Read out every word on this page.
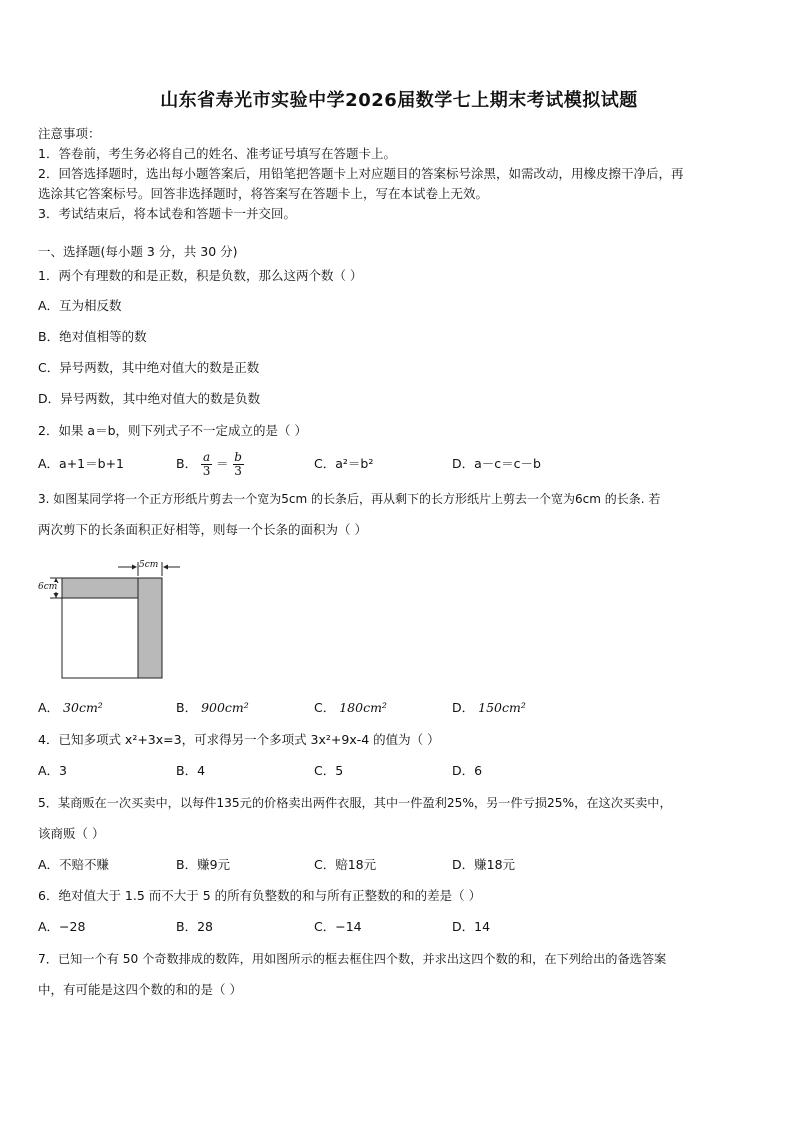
山东省寿光市实验中学2026届数学七上期末考试模拟试题

注意事项：

1．答卷前，考生务必将自己的姓名、准考证号填写在答题卡上。

2．回答选择题时，选出每小题答案后，用铅笔把答题卡上对应题目的答案标号涂黑，如需改动，用橡皮擦干净后，再

选涂其它答案标号。回答非选择题时，将答案写在答题卡上，写在本试卷上无效。

3．考试结束后，将本试卷和答题卡一并交回。

一、选择题(每小题 3 分，共 30 分)

1．两个有理数的和是正数，积是负数，那么这两个数（ ）

A．互为相反数

B．绝对值相等的数

C．异号两数，其中绝对值大的数是正数

D．异号两数，其中绝对值大的数是负数

2．如果 a＝b，则下列式子不一定成立的是（ ）

A．a+1＝b+1	B． $\frac{a}{3} = \frac{b}{3}$	C．a²＝b²	D．a－c＝c－b

3. 如图某同学将一个正方形纸片剪去一个宽为5cm 的长条后，再从剩下的长方形纸片上剪去一个宽为6cm 的长条. 若

两次剪下的长条面积正好相等，则每一个长条的面积为（ ）

5cm
6cm
A． 30cm²	B． 900cm²	C． 180cm²	D． 150cm²

4．已知多项式 x²+3x=3，可求得另一个多项式 3x²+9x-4 的值为（ ）

A．3	B．4	C．5	D．6

5．某商贩在一次买卖中，以每件135元的价格卖出两件衣服，其中一件盈利25%，另一件亏损25%，在这次买卖中，

该商贩（ ）

A．不赔不赚	B．赚9元	C．赔18元	D．赚18元

6．绝对值大于 1.5 而不大于 5 的所有负整数的和与所有正整数的和的差是（ ）

A．−28	B．28	C．−14	D．14

7．已知一个有 50 个奇数排成的数阵，用如图所示的框去框住四个数，并求出这四个数的和，在下列给出的备选答案

中，有可能是这四个数的和的是（ ）
